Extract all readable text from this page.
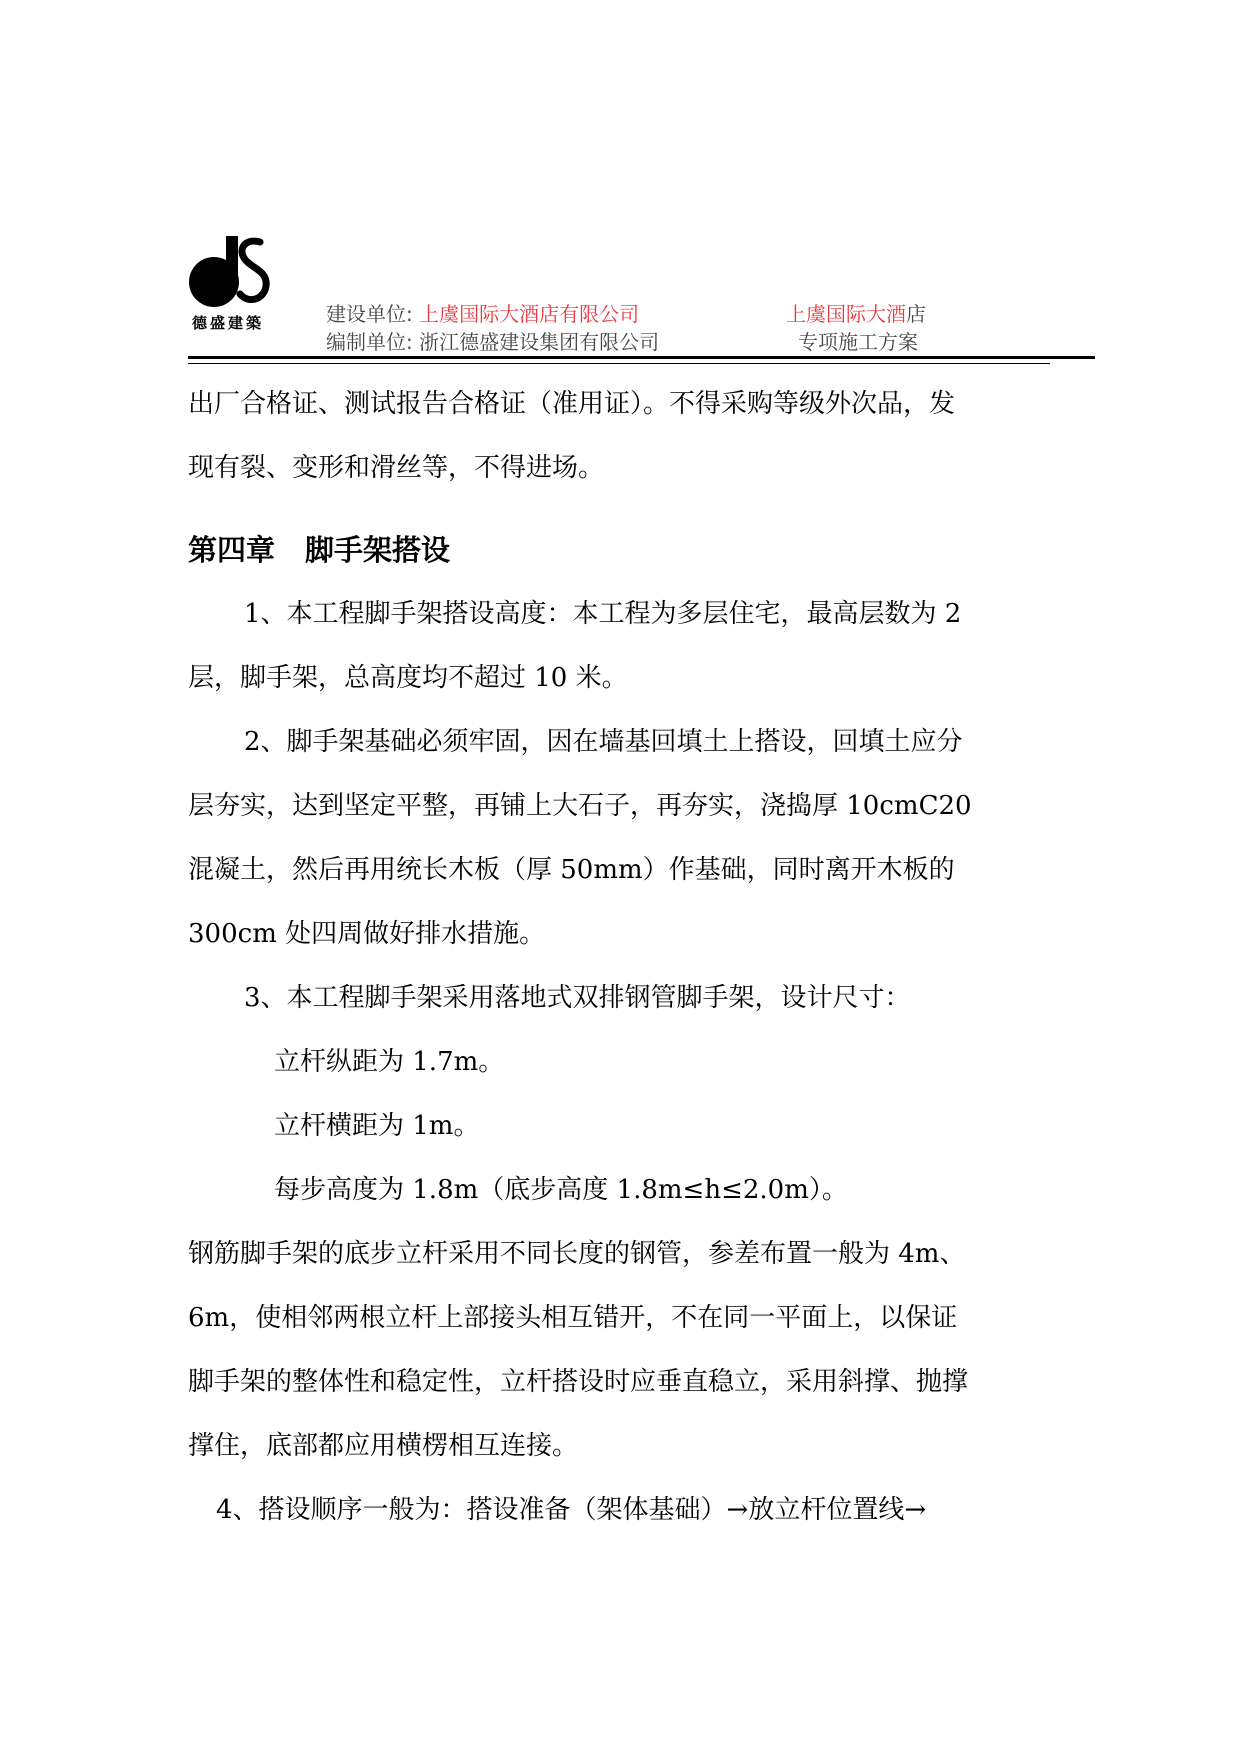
德盛建築	建设单位: 上虞国际大酒店有限公司
编制单位: 浙江德盛建设集团有限公司
上虞国际大酒店
专项施工方案

出厂合格证、测试报告合格证（准用证）。不得采购等级外次品，发

现有裂、变形和滑丝等，不得进场。

第四章 脚手架搭设

1、本工程脚手架搭设高度：本工程为多层住宅，最高层数为 2

层，脚手架，总高度均不超过 10 米。

2、脚手架基础必须牢固，因在墙基回填土上搭设，回填土应分

层夯实，达到坚定平整，再铺上大石子，再夯实，浇捣厚 10cmC20

混凝土，然后再用统长木板（厚 50mm）作基础，同时离开木板的

300cm 处四周做好排水措施。

3、本工程脚手架采用落地式双排钢管脚手架，设计尺寸：

立杆纵距为 1.7m。

立杆横距为 1m。

每步高度为 1.8m（底步高度 1.8m≤h≤2.0m）。

钢筋脚手架的底步立杆采用不同长度的钢管，参差布置一般为 4m、

6m，使相邻两根立杆上部接头相互错开，不在同一平面上，以保证

脚手架的整体性和稳定性，立杆搭设时应垂直稳立，采用斜撑、抛撑

撑住，底部都应用横楞相互连接。

4、搭设顺序一般为：搭设准备（架体基础）→放立杆位置线→
